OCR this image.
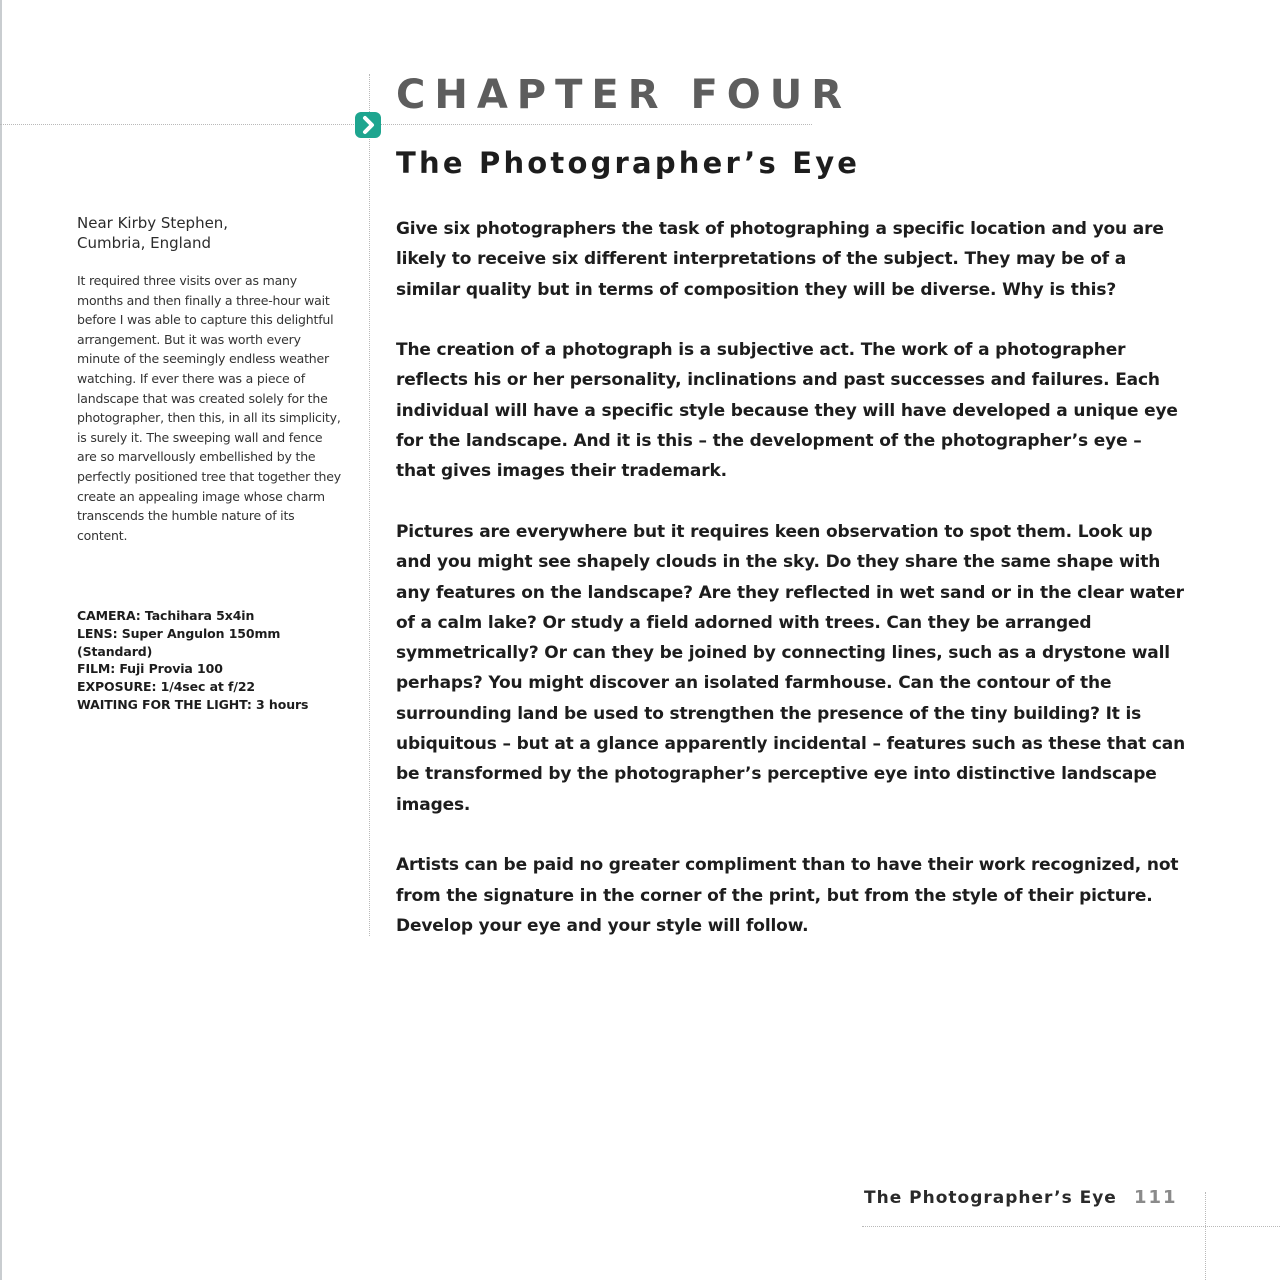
CHAPTER FOUR
The Photographer’s Eye

Near Kirby Stephen,
Cumbria, England

It required three visits over as many months and then finally a three-hour wait before I was able to capture this delightful arrangement. But it was worth every minute of the seemingly endless weather watching. If ever there was a piece of landscape that was created solely for the photographer, then this, in all its simplicity, is surely it. The sweeping wall and fence are so marvellously embellished by the perfectly positioned tree that together they create an appealing image whose charm transcends the humble nature of its content.

CAMERA: Tachihara 5x4in
LENS: Super Angulon 150mm
(Standard)
FILM: Fuji Provia 100
EXPOSURE: 1/4sec at f/22
WAITING FOR THE LIGHT: 3 hours

Give six photographers the task of photographing a specific location and you are likely to receive six different interpretations of the subject. They may be of a similar quality but in terms of composition they will be diverse. Why is this?

The creation of a photograph is a subjective act. The work of a photographer reflects his or her personality, inclinations and past successes and failures. Each individual will have a specific style because they will have developed a unique eye for the landscape. And it is this – the development of the photographer’s eye – that gives images their trademark.

Pictures are everywhere but it requires keen observation to spot them. Look up and you might see shapely clouds in the sky. Do they share the same shape with any features on the landscape? Are they reflected in wet sand or in the clear water of a calm lake? Or study a field adorned with trees. Can they be arranged symmetrically? Or can they be joined by connecting lines, such as a drystone wall perhaps? You might discover an isolated farmhouse. Can the contour of the surrounding land be used to strengthen the presence of the tiny building? It is ubiquitous – but at a glance apparently incidental – features such as these that can be transformed by the photographer’s perceptive eye into distinctive landscape images.

Artists can be paid no greater compliment than to have their work recognized, not from the signature in the corner of the print, but from the style of their picture. Develop your eye and your style will follow.

The Photographer’s Eye 111
